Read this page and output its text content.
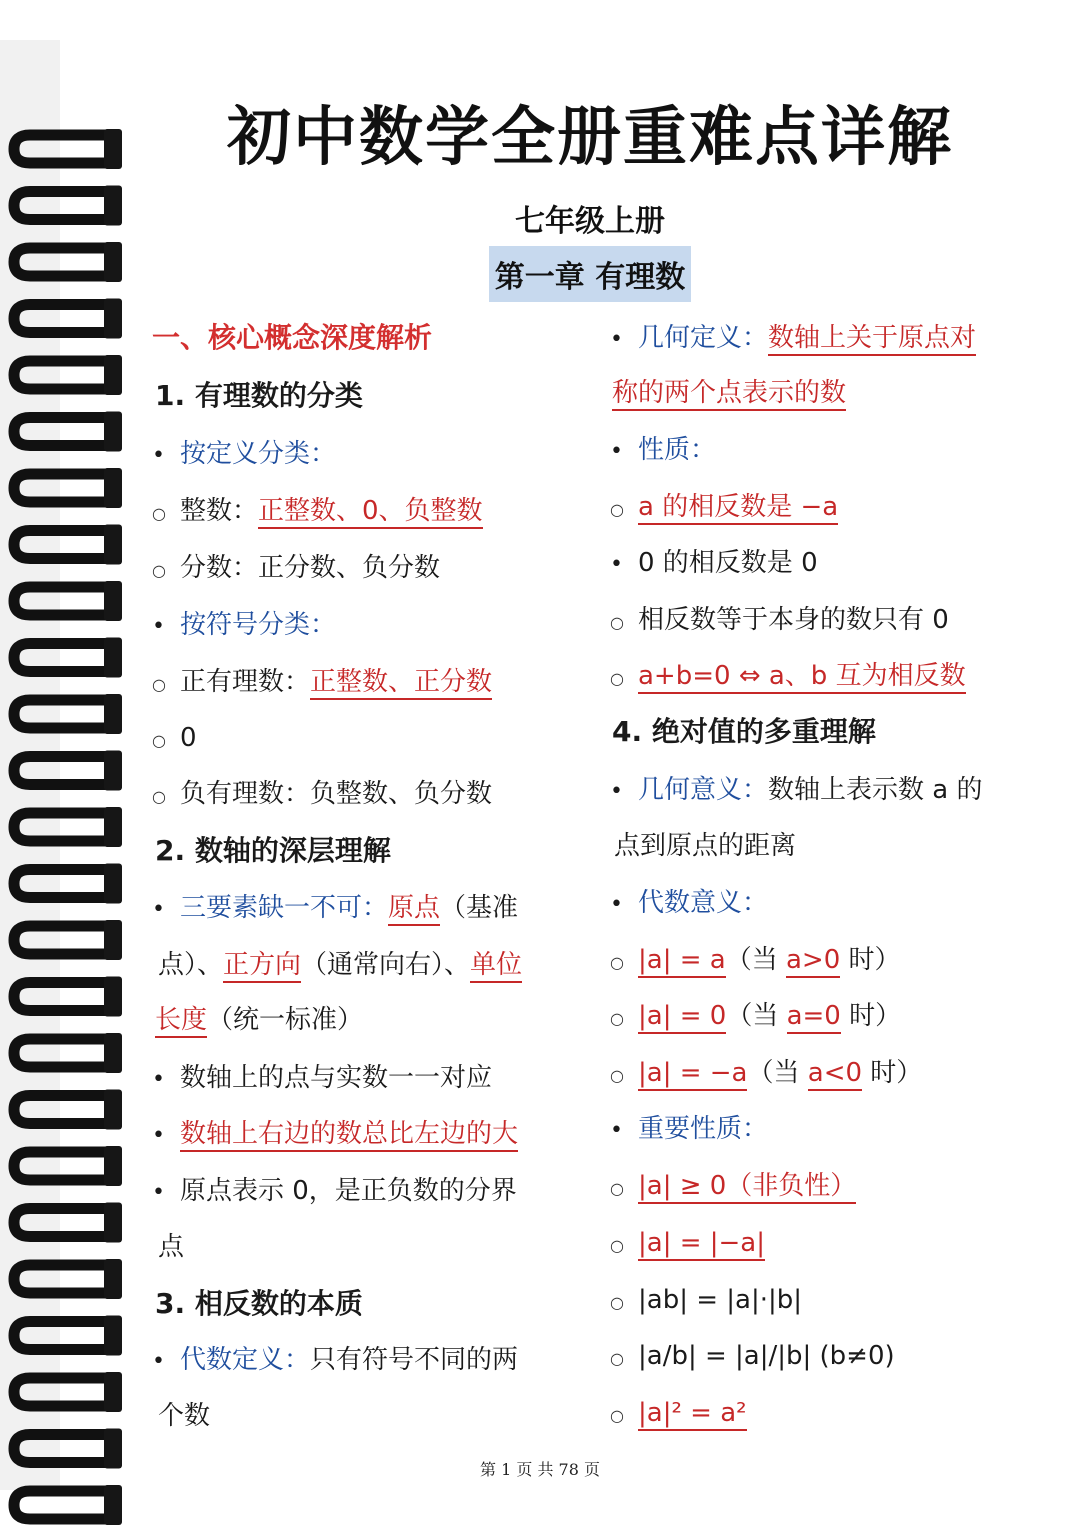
初中数学全册重难点详解
七年级上册
第一章 有理数
一、核心概念深度解析
1. 有理数的分类
• 按定义分类：
○ 整数：正整数、0、负整数
○ 分数：正分数、负分数
• 按符号分类：
○ 正有理数：正整数、正分数
○ 0
○ 负有理数：负整数、负分数
2. 数轴的深层理解
• 三要素缺一不可：原点（基准
点）、正方向（通常向右）、单位
长度（统一标准）
• 数轴上的点与实数一一对应
• 数轴上右边的数总比左边的大
• 原点表示 0，是正负数的分界
点
3. 相反数的本质
• 代数定义：只有符号不同的两
个数
• 几何定义：数轴上关于原点对
称的两个点表示的数
• 性质：
○ a 的相反数是 −a
• 0 的相反数是 0
○ 相反数等于本身的数只有 0
○ a+b=0 ⇔ a、b 互为相反数
4. 绝对值的多重理解
• 几何意义：数轴上表示数 a 的
点到原点的距离
• 代数意义：
○ |a| = a（当 a>0 时）
○ |a| = 0（当 a=0 时）
○ |a| = −a（当 a<0 时）
• 重要性质：
○ |a| ≥ 0（非负性）
○ |a| = |−a|
○ |ab| = |a|·|b|
○ |a/b| = |a|/|b| (b≠0)
○ |a|² = a²
第 1 页 共 78 页
